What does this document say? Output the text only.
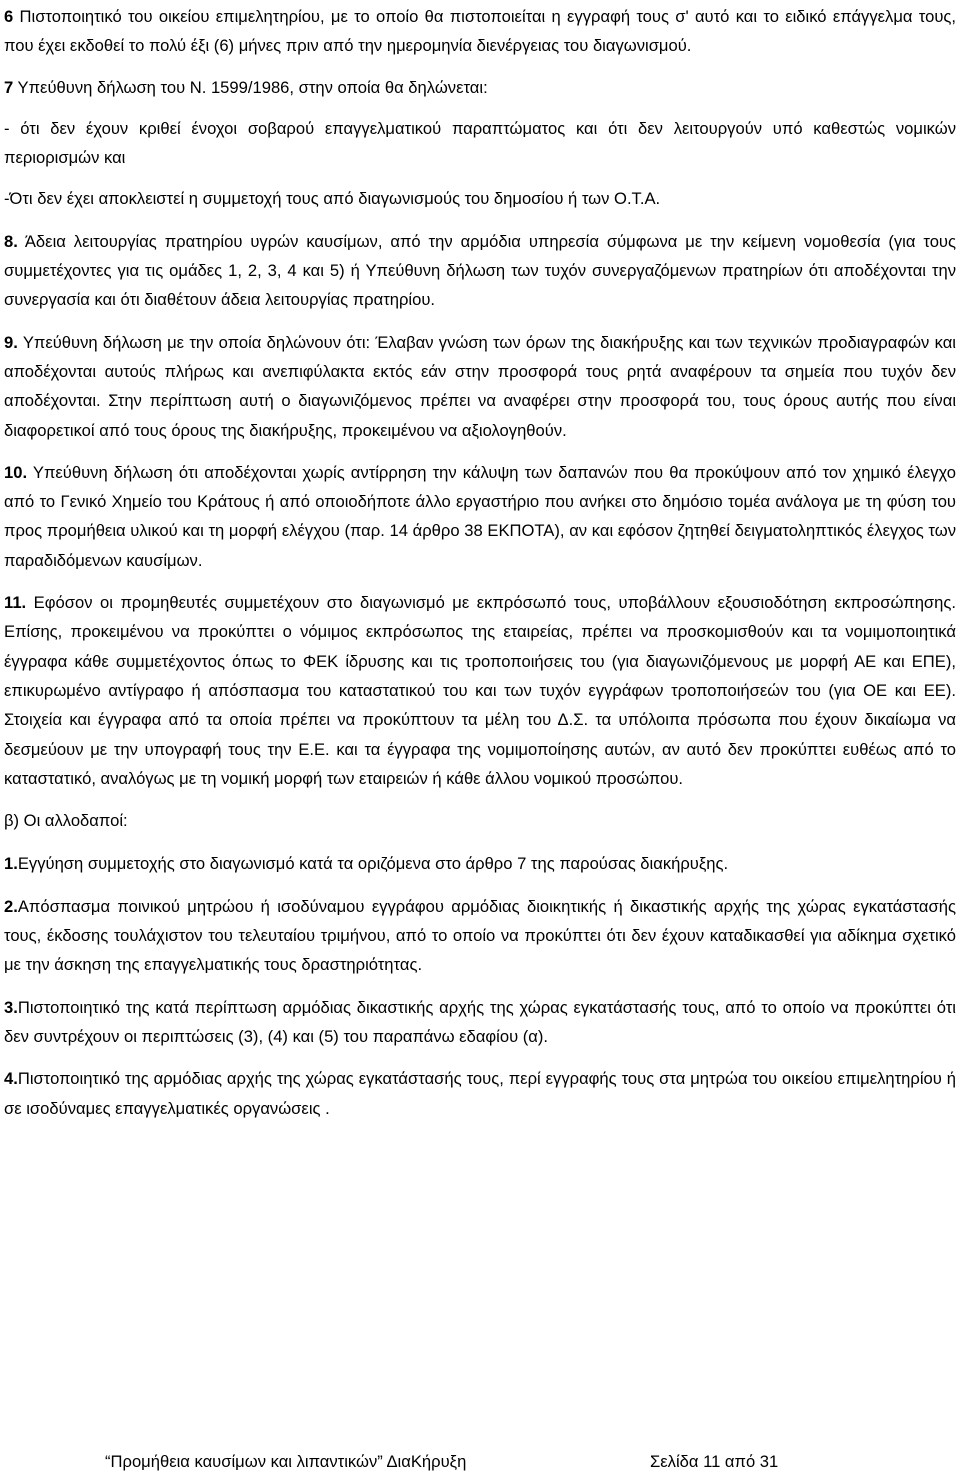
6 Πιστοποιητικό του οικείου επιμελητηρίου, με το οποίο θα πιστοποιείται η εγγραφή τους σ' αυτό και το ειδικό επάγγελμα τους, που έχει εκδοθεί το πολύ έξι (6) μήνες πριν από την ημερομηνία διενέργειας του διαγωνισμού.

7 Υπεύθυνη δήλωση του Ν. 1599/1986, στην οποία θα δηλώνεται:

- ότι δεν έχουν κριθεί ένοχοι σοβαρού επαγγελματικού παραπτώματος και ότι δεν λειτουργούν υπό καθεστώς νομικών περιορισμών και

-Ότι δεν έχει αποκλειστεί η συμμετοχή τους από διαγωνισμούς του δημοσίου ή των Ο.Τ.Α.

8. Άδεια λειτουργίας πρατηρίου υγρών καυσίμων, από την αρμόδια υπηρεσία σύμφωνα με την κείμενη νομοθεσία (για τους συμμετέχοντες για τις ομάδες 1, 2, 3, 4 και 5) ή Υπεύθυνη δήλωση των τυχόν συνεργαζόμενων πρατηρίων ότι αποδέχονται την συνεργασία και ότι διαθέτουν άδεια λειτουργίας πρατηρίου.

9. Υπεύθυνη δήλωση με την οποία δηλώνουν ότι: Έλαβαν γνώση των όρων της διακήρυξης και των τεχνικών προδιαγραφών και αποδέχονται αυτούς πλήρως και ανεπιφύλακτα εκτός εάν στην προσφορά τους ρητά αναφέρουν τα σημεία που τυχόν δεν αποδέχονται. Στην περίπτωση αυτή ο διαγωνιζόμενος πρέπει να αναφέρει στην προσφορά του, τους όρους αυτής που είναι διαφορετικοί από τους όρους της διακήρυξης, προκειμένου να αξιολογηθούν.

10. Υπεύθυνη δήλωση ότι αποδέχονται χωρίς αντίρρηση την κάλυψη των δαπανών που θα προκύψουν από τον χημικό έλεγχο από το Γενικό Χημείο του Κράτους ή από οποιοδήποτε άλλο εργαστήριο που ανήκει στο δημόσιο τομέα ανάλογα με τη φύση του προς προμήθεια υλικού και τη μορφή ελέγχου (παρ. 14 άρθρο 38 ΕΚΠΟΤΑ), αν και εφόσον ζητηθεί δειγματοληπτικός έλεγχος των παραδιδόμενων καυσίμων.

11. Εφόσον οι προμηθευτές συμμετέχουν στο διαγωνισμό με εκπρόσωπό τους, υποβάλλουν εξουσιοδότηση εκπροσώπησης. Επίσης, προκειμένου να προκύπτει ο νόμιμος εκπρόσωπος της εταιρείας, πρέπει να προσκομισθούν και τα νομιμοποιητικά έγγραφα κάθε συμμετέχοντος όπως το ΦΕΚ ίδρυσης και τις τροποποιήσεις του (για διαγωνιζόμενους με μορφή ΑΕ και ΕΠΕ), επικυρωμένο αντίγραφο ή απόσπασμα του καταστατικού του και των τυχόν εγγράφων τροποποιήσεών του (για ΟΕ και ΕΕ). Στοιχεία και έγγραφα από τα οποία πρέπει να προκύπτουν τα μέλη του Δ.Σ. τα υπόλοιπα πρόσωπα που έχουν δικαίωμα να δεσμεύουν με την υπογραφή τους την Ε.Ε. και τα έγγραφα της νομιμοποίησης αυτών, αν αυτό δεν προκύπτει ευθέως από το καταστατικό, αναλόγως με τη νομική μορφή των εταιρειών ή κάθε άλλου νομικού προσώπου.

β) Οι αλλοδαποί:

1.Εγγύηση συμμετοχής στο διαγωνισμό κατά τα οριζόμενα στο άρθρο 7 της παρούσας διακήρυξης.

2.Απόσπασμα ποινικού μητρώου ή ισοδύναμου εγγράφου αρμόδιας διοικητικής ή δικαστικής αρχής της χώρας εγκατάστασής τους, έκδοσης τουλάχιστον του τελευταίου τριμήνου, από το οποίο να προκύπτει ότι δεν έχουν καταδικασθεί για αδίκημα σχετικό με την άσκηση της επαγγελματικής τους δραστηριότητας.

3.Πιστοποιητικό της κατά περίπτωση αρμόδιας δικαστικής αρχής της χώρας εγκατάστασής τους, από το οποίο να προκύπτει ότι δεν συντρέχουν οι περιπτώσεις (3), (4) και (5) του παραπάνω εδαφίου (α).

4.Πιστοποιητικό της αρμόδιας αρχής της χώρας εγκατάστασής τους, περί εγγραφής τους στα μητρώα του οικείου επιμελητηρίου ή σε ισοδύναμες επαγγελματικές οργανώσεις .

“Προμήθεια καυσίμων και λιπαντικών” ΔιαΚήρυξη	Σελίδα 11 από 31
